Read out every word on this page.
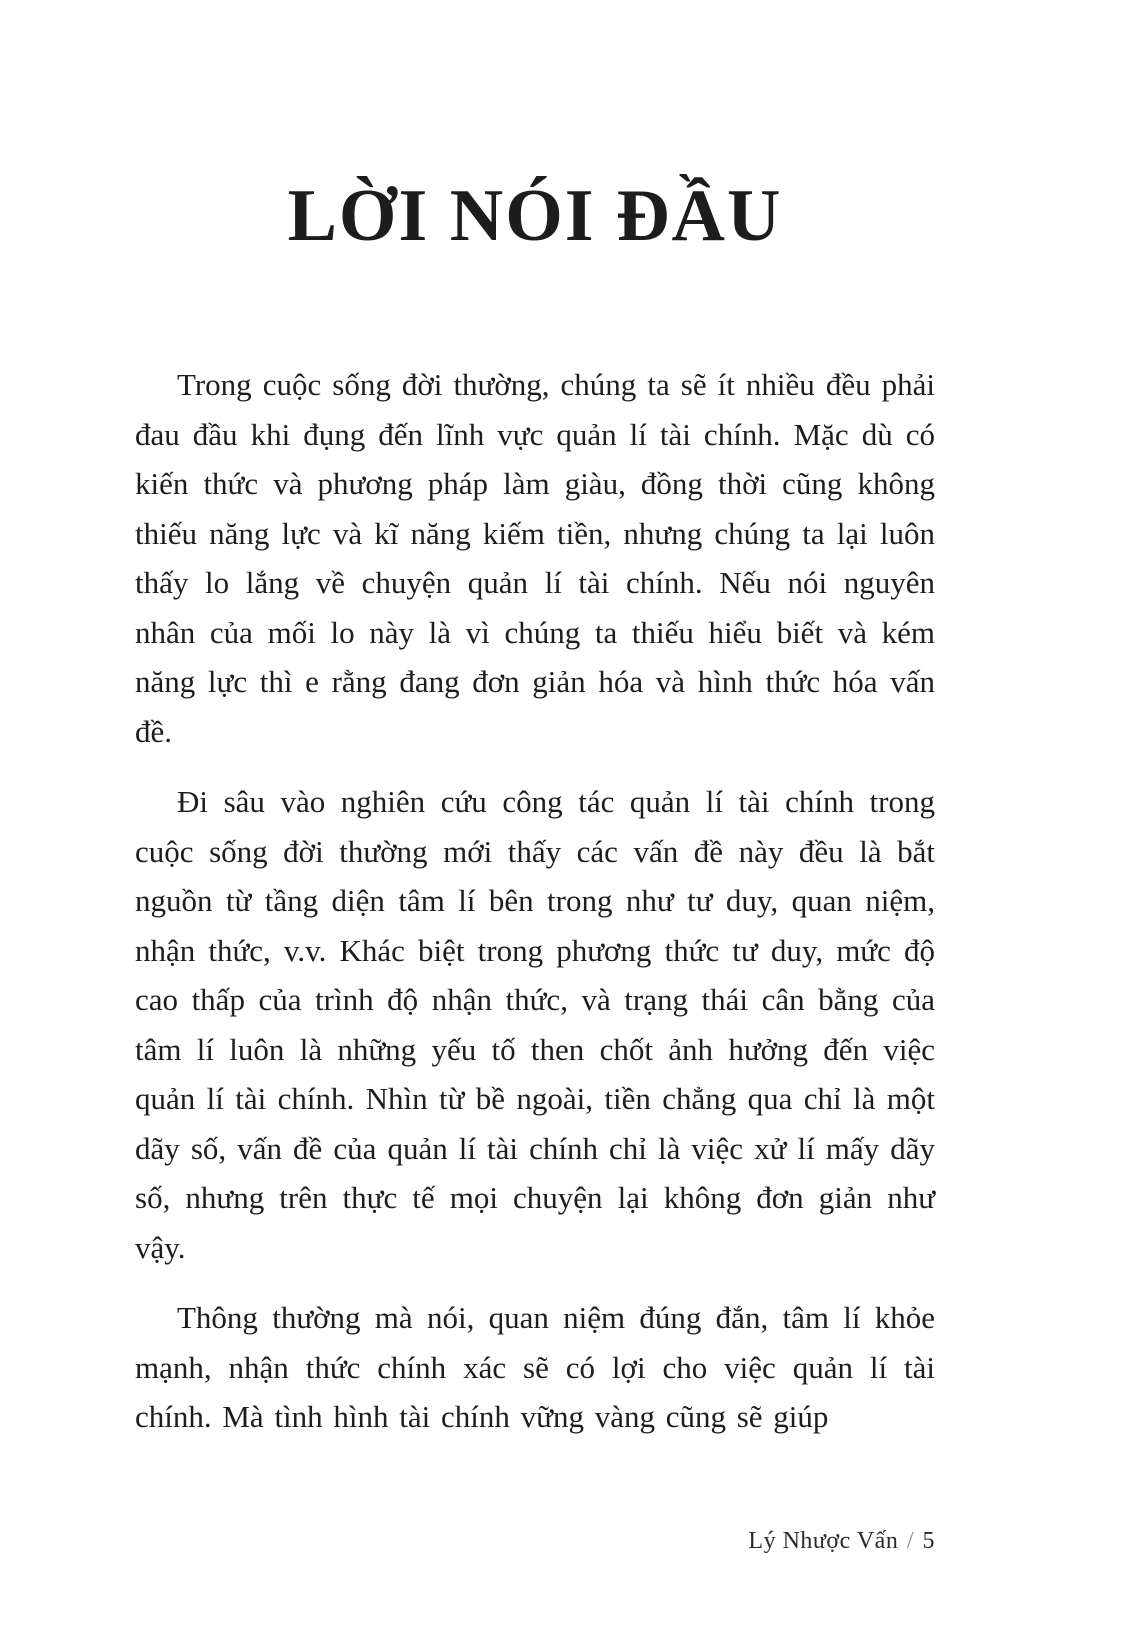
LỜI NÓI ĐẦU

Trong cuộc sống đời thường, chúng ta sẽ ít nhiều đều phải đau đầu khi đụng đến lĩnh vực quản lí tài chính. Mặc dù có kiến thức và phương pháp làm giàu, đồng thời cũng không thiếu năng lực và kĩ năng kiếm tiền, nhưng chúng ta lại luôn thấy lo lắng về chuyện quản lí tài chính. Nếu nói nguyên nhân của mối lo này là vì chúng ta thiếu hiểu biết và kém năng lực thì e rằng đang đơn giản hóa và hình thức hóa vấn đề.

Đi sâu vào nghiên cứu công tác quản lí tài chính trong cuộc sống đời thường mới thấy các vấn đề này đều là bắt nguồn từ tầng diện tâm lí bên trong như tư duy, quan niệm, nhận thức, v.v. Khác biệt trong phương thức tư duy, mức độ cao thấp của trình độ nhận thức, và trạng thái cân bằng của tâm lí luôn là những yếu tố then chốt ảnh hưởng đến việc quản lí tài chính. Nhìn từ bề ngoài, tiền chẳng qua chỉ là một dãy số, vấn đề của quản lí tài chính chỉ là việc xử lí mấy dãy số, nhưng trên thực tế mọi chuyện lại không đơn giản như vậy.

Thông thường mà nói, quan niệm đúng đắn, tâm lí khỏe mạnh, nhận thức chính xác sẽ có lợi cho việc quản lí tài chính. Mà tình hình tài chính vững vàng cũng sẽ giúp

Lý Nhược Vấn / 5
